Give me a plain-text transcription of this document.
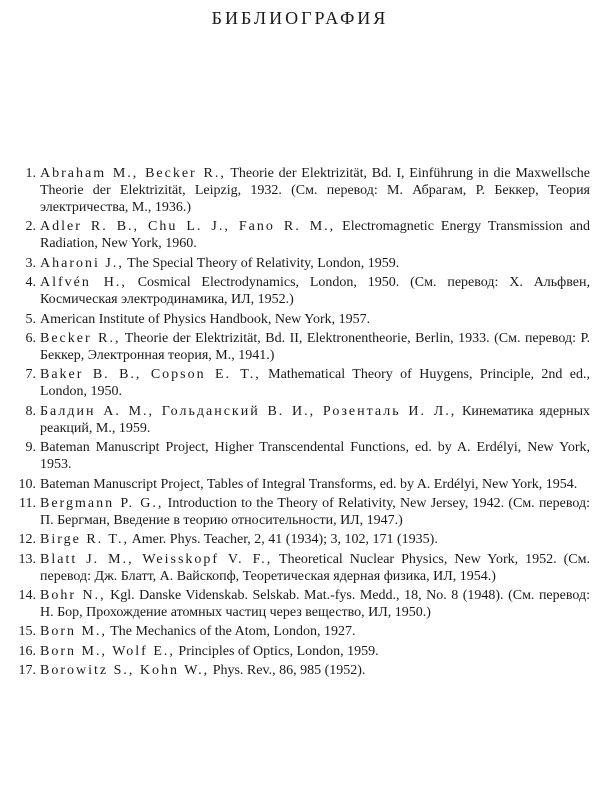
БИБЛИОГРАФИЯ
1. Abraham M., Becker R., Theorie der Elektrizität, Bd. I, Einführung in die Maxwellsche Theorie der Elektrizität, Leipzig, 1932. (См. перевод: М. Абрагам, Р. Беккер, Теория электричества, М., 1936.)
2. Adler R. B., Chu L. J., Fano R. M., Electromagnetic Energy Transmission and Radiation, New York, 1960.
3. Aharoni J., The Special Theory of Relativity, London, 1959.
4. Alfvén H., Cosmical Electrodynamics, London, 1950. (См. перевод: Х. Альфвен, Космическая электродинамика, ИЛ, 1952.)
5. American Institute of Physics Handbook, New York, 1957.
6. Becker R., Theorie der Elektrizität, Bd. II, Elektronentheorie, Berlin, 1933. (См. перевод: Р. Беккер, Электронная теория, М., 1941.)
7. Baker B. B., Copson E. T., Mathematical Theory of Huygens, Principle, 2nd ed., London, 1950.
8. Балдин А. М., Гольданский В. И., Розенталь И. Л., Кинематика ядерных реакций, М., 1959.
9. Bateman Manuscript Project, Higher Transcendental Functions, ed. by A. Erdélyi, New York, 1953.
10. Bateman Manuscript Project, Tables of Integral Transforms, ed. by A. Erdélyi, New York, 1954.
11. Bergmann P. G., Introduction to the Theory of Relativity, New Jersey, 1942. (См. перевод: П. Бергман, Введение в теорию относительности, ИЛ, 1947.)
12. Birge R. T., Amer. Phys. Teacher, 2, 41 (1934); 3, 102, 171 (1935).
13. Blatt J. M., Weisskopf V. F., Theoretical Nuclear Physics, New York, 1952. (См. перевод: Дж. Блатт, А. Вайскопф, Теоретическая ядерная физика, ИЛ, 1954.)
14. Bohr N., Kgl. Danske Videnskab. Selskab. Mat.-fys. Medd., 18, No. 8 (1948). (См. перевод: Н. Бор, Прохождение атомных частиц через вещество, ИЛ, 1950.)
15. Born M., The Mechanics of the Atom, London, 1927.
16. Born M., Wolf E., Principles of Optics, London, 1959.
17. Borowitz S., Kohn W., Phys. Rev., 86, 985 (1952).
